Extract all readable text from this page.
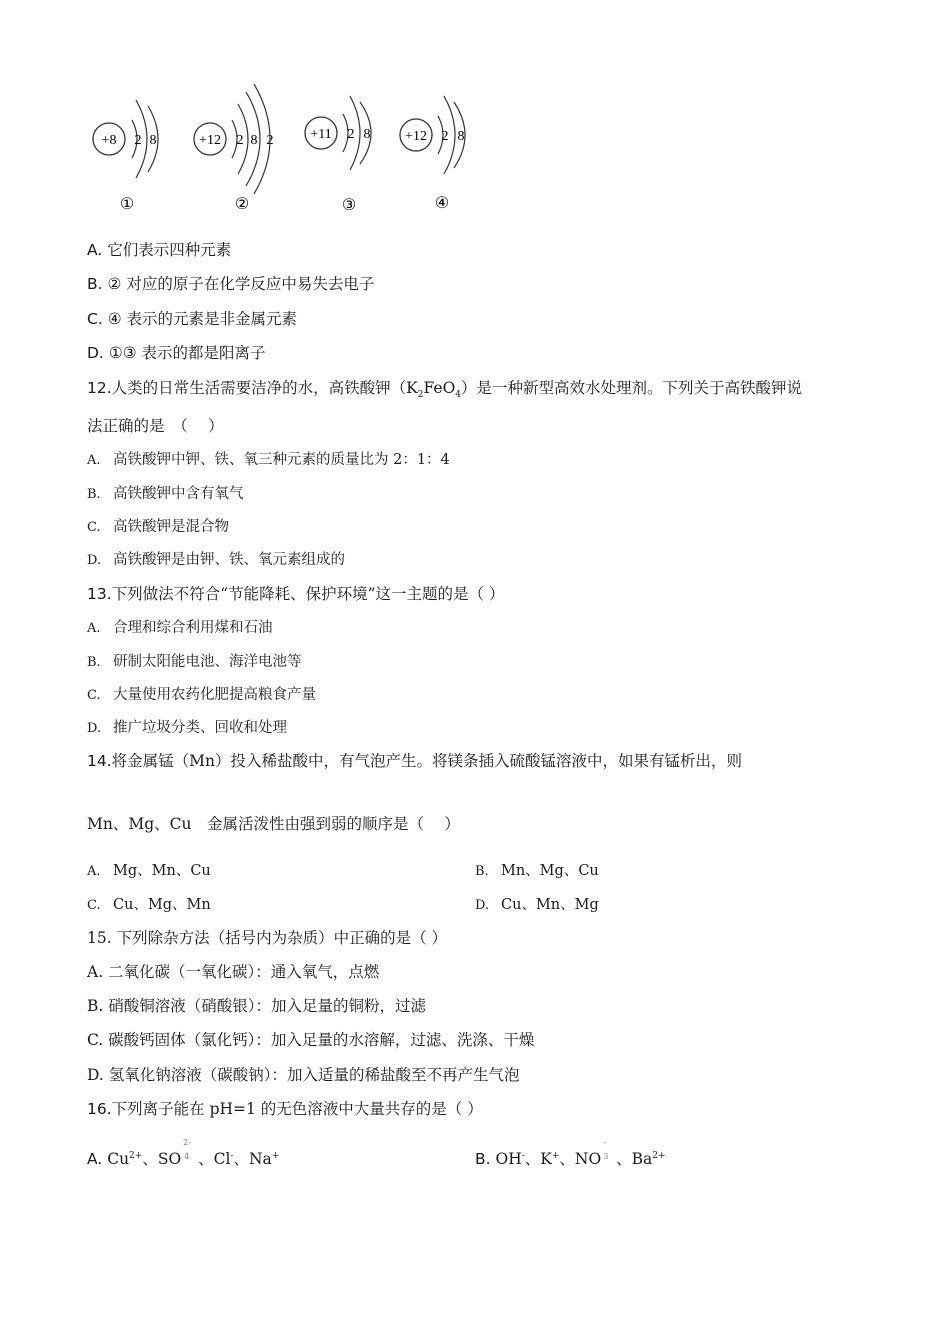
+8 2 8
①
+12 2 8 2
②
+11 2 8
③
+12 2 8
④
A. 它们表示四种元素
B. ② 对应的原子在化学反应中易失去电子
C. ④ 表示的元素是非金属元素
D. ①③ 表示的都是阳离子
12.人类的日常生活需要洁净的水，高铁酸钾$(K_2FeO_4)$是一种新型高效水处理剂。下列关于高铁酸钾说
法正确的是　（　 ）
A. 高铁酸钾中钾、铁、氧三种元素的质量比为 2：1：4
B. 高铁酸钾中含有氧气
C. 高铁酸钾是混合物
D. 高铁酸钾是由钾、铁、氧元素组成的
13.下列做法不符合“节能降耗、保护环境”这一主题的是（ ）
A. 合理和综合利用煤和石油
B. 研制太阳能电池、海洋电池等
C. 大量使用农药化肥提高粮食产量
D. 推广垃圾分类、回收和处理
14.将金属锰（Mn）投入稀盐酸中，有气泡产生。将镁条插入硫酸锰溶液中，如果有锰析出，则
Mn、Mg、Cu　金属活泼性由强到弱的顺序是（　 ）
A. Mg、Mn、Cu	B. Mn、Mg、Cu
C. Cu、Mg、Mn	D. Cu、Mn、Mg
15. 下列除杂方法（括号内为杂质）中正确的是（ ）
A. 二氧化碳（一氧化碳）：通入氧气，点燃
B. 硝酸铜溶液（硝酸银）：加入足量的铜粉，过滤
C. 碳酸钙固体（氯化钙）：加入足量的水溶解，过滤、洗涤、干燥
D. 氢氧化钠溶液（碳酸钠）：加入适量的稀盐酸至不再产生气泡
16.下列离子能在 pH=1 的无色溶液中大量共存的是（ ）
A. $Cu^{2+}$、SO
2-
4 、Cl-、Na+	B. OH-、K+、NO
-
3 、$Ba^{2+}$
